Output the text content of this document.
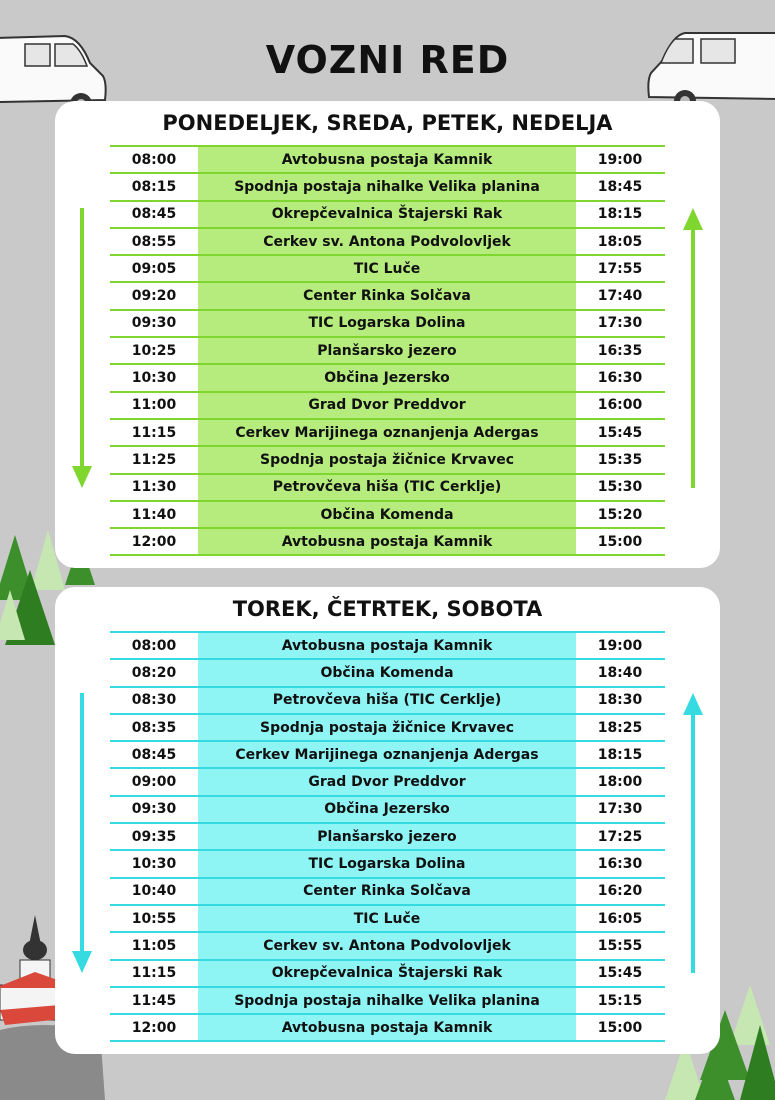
VOZNI RED
PONEDELJEK, SREDA, PETEK, NEDELJA
08:00	Avtobusna postaja Kamnik	19:00
08:15	Spodnja postaja nihalke Velika planina	18:45
08:45	Okrepčevalnica Štajerski Rak	18:15
08:55	Cerkev sv. Antona Podvolovljek	18:05
09:05	TIC Luče	17:55
09:20	Center Rinka Solčava	17:40
09:30	TIC Logarska Dolina	17:30
10:25	Planšarsko jezero	16:35
10:30	Občina Jezersko	16:30
11:00	Grad Dvor Preddvor	16:00
11:15	Cerkev Marijinega oznanjenja Adergas	15:45
11:25	Spodnja postaja žičnice Krvavec	15:35
11:30	Petrovčeva hiša (TIC Cerklje)	15:30
11:40	Občina Komenda	15:20
12:00	Avtobusna postaja Kamnik	15:00
TOREK, ČETRTEK, SOBOTA
08:00	Avtobusna postaja Kamnik	19:00
08:20	Občina Komenda	18:40
08:30	Petrovčeva hiša (TIC Cerklje)	18:30
08:35	Spodnja postaja žičnice Krvavec	18:25
08:45	Cerkev Marijinega oznanjenja Adergas	18:15
09:00	Grad Dvor Preddvor	18:00
09:30	Občina Jezersko	17:30
09:35	Planšarsko jezero	17:25
10:30	TIC Logarska Dolina	16:30
10:40	Center Rinka Solčava	16:20
10:55	TIC Luče	16:05
11:05	Cerkev sv. Antona Podvolovljek	15:55
11:15	Okrepčevalnica Štajerski Rak	15:45
11:45	Spodnja postaja nihalke Velika planina	15:15
12:00	Avtobusna postaja Kamnik	15:00
